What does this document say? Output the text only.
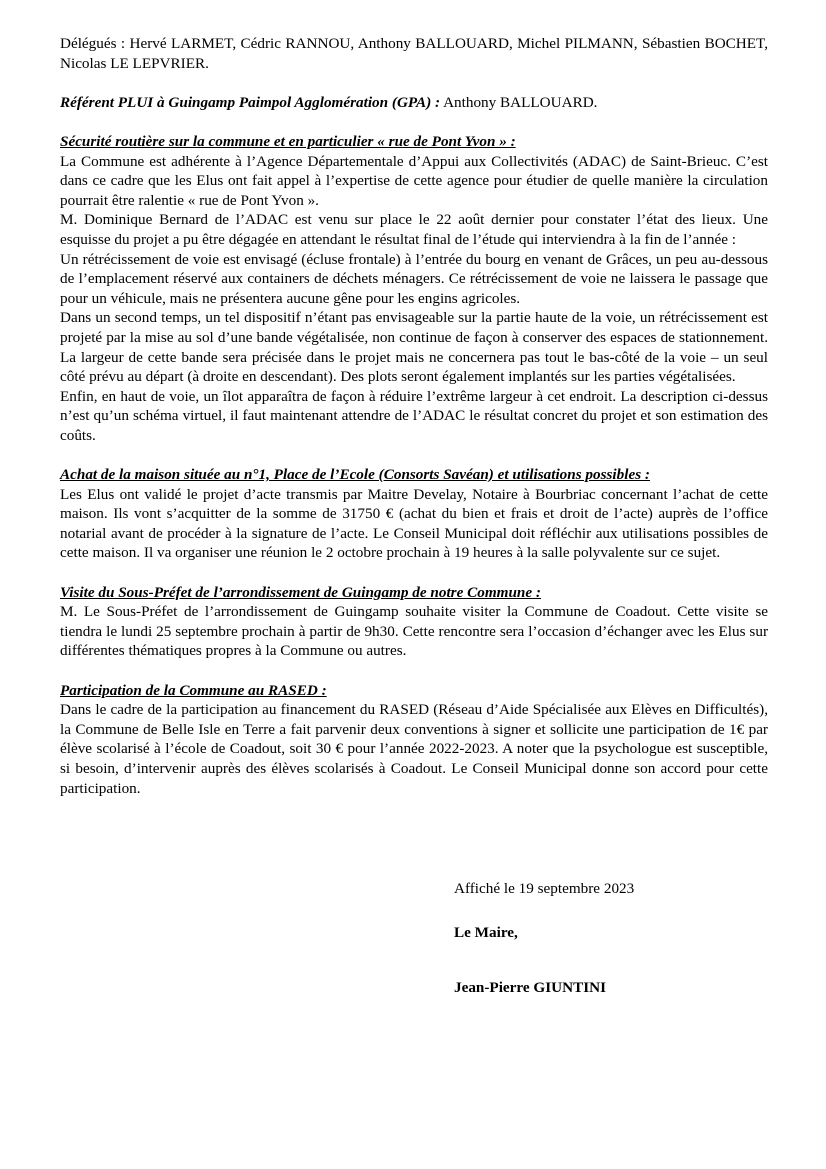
Délégués : Hervé LARMET, Cédric RANNOU, Anthony BALLOUARD, Michel PILMANN, Sébastien BOCHET, Nicolas LE LEPVRIER.

Référent PLUI à Guingamp Paimpol Agglomération (GPA) : Anthony BALLOUARD.

Sécurité routière sur la commune et en particulier « rue de Pont Yvon » :

La Commune est adhérente à l’Agence Départementale d’Appui aux Collectivités (ADAC) de Saint-Brieuc. C’est dans ce cadre que les Elus ont fait appel à l’expertise de cette agence pour étudier de quelle manière la circulation pourrait être ralentie « rue de Pont Yvon ».

M. Dominique Bernard de l’ADAC est venu sur place le 22 août dernier pour constater l’état des lieux. Une esquisse du projet a pu être dégagée en attendant le résultat final de l’étude qui interviendra à la fin de l’année :

Un rétrécissement de voie est envisagé (écluse frontale) à l’entrée du bourg en venant de Grâces, un peu au-dessous de l’emplacement réservé aux containers de déchets ménagers. Ce rétrécissement de voie ne laissera le passage que pour un véhicule, mais ne présentera aucune gêne pour les engins agricoles.

Dans un second temps, un tel dispositif n’étant pas envisageable sur la partie haute de la voie, un rétrécissement est projeté par la mise au sol d’une bande végétalisée, non continue de façon à conserver des espaces de stationnement. La largeur de cette bande sera précisée dans le projet mais ne concernera pas tout le bas-côté de la voie – un seul côté prévu au départ (à droite en descendant). Des plots seront également implantés sur les parties végétalisées.

Enfin, en haut de voie, un îlot apparaîtra de façon à réduire l’extrême largeur à cet endroit. La description ci-dessus n’est qu’un schéma virtuel, il faut maintenant attendre de l’ADAC le résultat concret du projet et son estimation des coûts.

Achat de la maison située au n°1, Place de l’Ecole (Consorts Savéan) et utilisations possibles :

Les Elus ont validé le projet d’acte transmis par Maitre Develay, Notaire à Bourbriac concernant l’achat de cette maison. Ils vont s’acquitter de la somme de 31750 € (achat du bien et frais et droit de l’acte) auprès de l’office notarial avant de procéder à la signature de l’acte. Le Conseil Municipal doit réfléchir aux utilisations possibles de cette maison. Il va organiser une réunion le 2 octobre prochain à 19 heures à la salle polyvalente sur ce sujet.

Visite du Sous-Préfet de l’arrondissement de Guingamp de notre Commune :

M. Le Sous-Préfet de l’arrondissement de Guingamp souhaite visiter la Commune de Coadout. Cette visite se tiendra le lundi 25 septembre prochain à partir de 9h30. Cette rencontre sera l’occasion d’échanger avec les Elus sur différentes thématiques propres à la Commune ou autres.

Participation de la Commune au RASED :

Dans le cadre de la participation au financement du RASED (Réseau d’Aide Spécialisée aux Elèves en Difficultés), la Commune de Belle Isle en Terre a fait parvenir deux conventions à signer et sollicite une participation de 1€ par élève scolarisé à l’école de Coadout, soit 30 € pour l’année 2022-2023. A noter que la psychologue est susceptible, si besoin, d’intervenir auprès des élèves scolarisés à Coadout. Le Conseil Municipal donne son accord pour cette participation.

Affiché le 19 septembre 2023
Le Maire,
Jean-Pierre GIUNTINI
